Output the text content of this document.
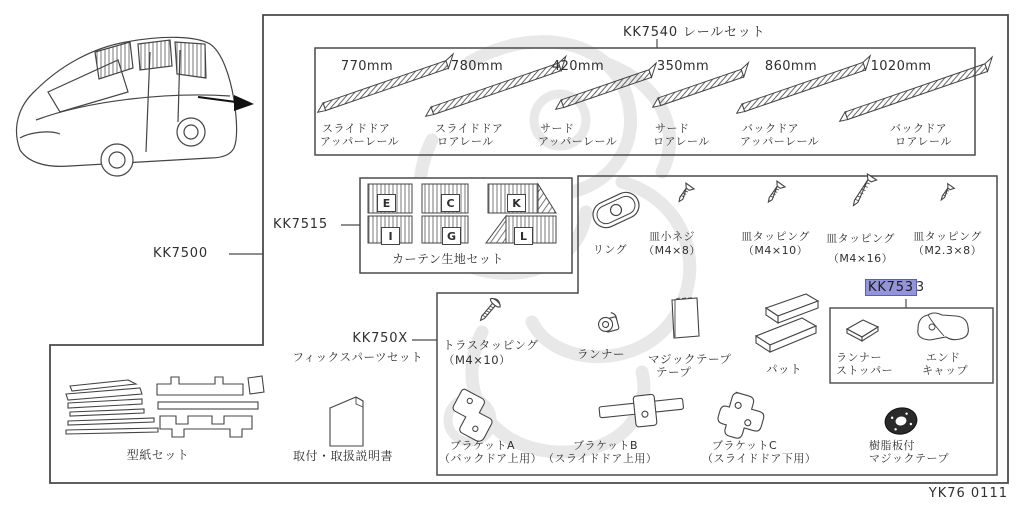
KK7540 レールセット
KK7500
KK7515
KK750X
フィックスパーツセット
KK753 3
770mm	780mm	420mm	350mm	860mm	1020mm
スライドドア
アッパーレール
スライドドア
ロアレール
サード
アッパーレール
サード
ロアレール
バックドア
アッパーレール
バックドア
ロアレール
E	C	K
I	G	L
カーテン生地セット
リング
皿小ネジ
（M4×8）
皿タッピング
（M4×10）
皿タッピング
（M4×16）
皿タッピング
（M2.3×8）
トラスタッピング
（M4×10）	ランナー マジックテープ
テープ	パット
ランナー
ストッパー
エンド
キャップ
ブラケットA
（バックドア上用）
ブラケットB
（スライドドア上用）
ブラケットC
（スライドドア下用）
樹脂板付
マジックテープ
型紙セット	取付・取扱説明書
YK76 0111
